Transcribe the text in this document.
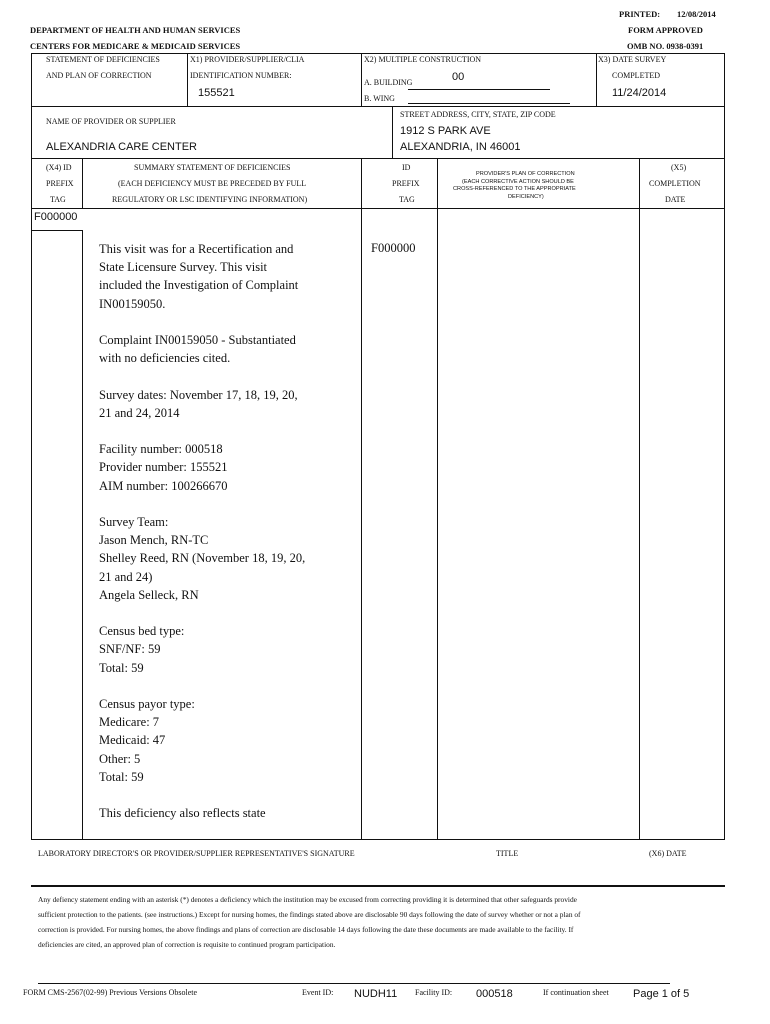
PRINTED: 12/08/2014
DEPARTMENT OF HEALTH AND HUMAN SERVICES
CENTERS FOR MEDICARE & MEDICAID SERVICES
FORM APPROVED
OMB NO. 0938-0391
STATEMENT OF DEFICIENCIES
AND PLAN OF CORRECTION
X1) PROVIDER/SUPPLIER/CLIA
IDENTIFICATION NUMBER:
155521
X2) MULTIPLE CONSTRUCTION
A. BUILDING	00
B. WING
X3) DATE SURVEY
COMPLETED
11/24/2014
NAME OF PROVIDER OR SUPPLIER
ALEXANDRIA CARE CENTER
STREET ADDRESS, CITY, STATE, ZIP CODE
1912 S PARK AVE
ALEXANDRIA, IN 46001
(X4) ID
PREFIX
TAG
SUMMARY STATEMENT OF DEFICIENCIES
(EACH DEFICIENCY MUST BE PRECEDED BY FULL
REGULATORY OR LSC IDENTIFYING INFORMATION)
ID
PREFIX
TAG
PROVIDER'S PLAN OF CORRECTION
(EACH CORRECTIVE ACTION SHOULD BE
CROSS-REFERENCED TO THE APPROPRIATE
DEFICIENCY)
(X5)
COMPLETION
DATE
F000000
F000000
This visit was for a Recertification and
State Licensure Survey. This visit
included the Investigation of Complaint
IN00159050.
Complaint IN00159050 - Substantiated
with no deficiencies cited.
Survey dates: November 17, 18, 19, 20,
21 and 24, 2014
Facility number: 000518
Provider number: 155521
AIM number: 100266670
Survey Team:
Jason Mench, RN-TC
Shelley Reed, RN (November 18, 19, 20,
21 and 24)
Angela Selleck, RN
Census bed type:
SNF/NF: 59
Total: 59
Census payor type:
Medicare: 7
Medicaid: 47
Other: 5
Total: 59
This deficiency also reflects state
LABORATORY DIRECTOR'S OR PROVIDER/SUPPLIER REPRESENTATIVE'S SIGNATURE	TITLE	(X6) DATE
Any defiency statement ending with an asterisk (*) denotes a deficiency which the institution may be excused from correcting providing it is determined that other safeguards provide sufficient protection to the patients. (see instructions.) Except for nursing homes, the findings stated above are disclosable 90 days following the date of survey whether or not a plan of correction is provided. For nursing homes, the above findings and plans of correction are disclosable 14 days following the date these documents are made available to the facility. If deficiencies are cited, an approved plan of correction is requisite to continued program participation.
FORM CMS-2567(02-99) Previous Versions Obsolete	Event ID: NUDH11 Facility ID: 000518	If continuation sheet Page 1 of 5
